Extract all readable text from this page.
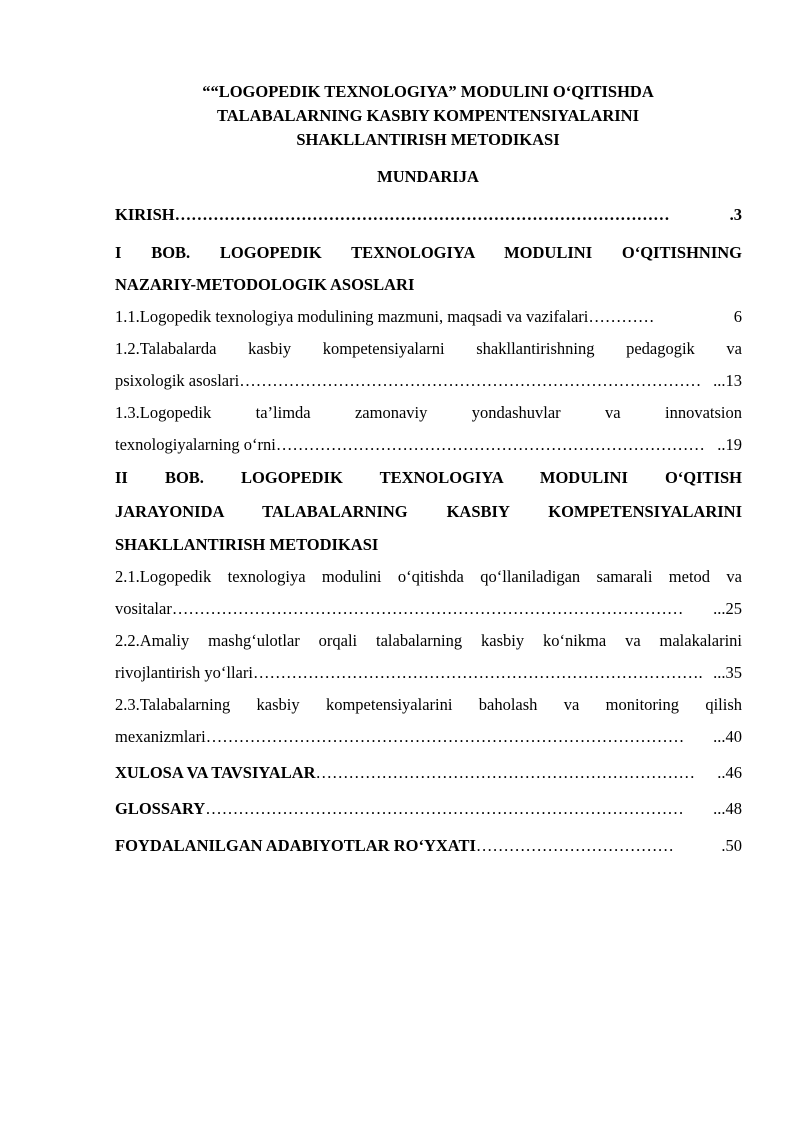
““LOGOPEDIK TEXNOLOGIYA” MODULINI O‘QITISHDA
TALABALARNING KASBIY KOMPENTENSIYALARINI
SHAKLLANTIRISH METODIKASI
MUNDARIJA
KIRISH ………………………………………………………………………………	.3
I BOB. LOGOPEDIK TEXNOLOGIYA MODULINI O‘QITISHNING
NAZARIY-METODOLOGIK ASOSLARI
1.1.Logopedik texnologiya modulining mazmuni, maqsadi va vazifalari …………	6
1.2.Talabalarda kasbiy kompetensiyalarni shakllantirishning pedagogik va
psixologik asoslari ………………………………………………………………………… ...13
1.3.Logopedik ta’limda zamonaviy yondashuvlar va innovatsion
texnologiyalarning o‘rni …………………………………………………………………… ..19
II BOB. LOGOPEDIK TEXNOLOGIYA MODULINI O‘QITISH
JARAYONIDA TALABALARNING KASBIY KOMPETENSIYALARINI
SHAKLLANTIRISH METODIKASI
2.1.Logopedik texnologiya modulini o‘qitishda qo‘llaniladigan samarali metod va
vositalar …………………………………………………………………………………	...25
2.2.Amaliy mashg‘ulotlar orqali talabalarning kasbiy ko‘nikma va malakalarini
rivojlantirish yo‘llari ………………………………………………………………………. ...35
2.3.Talabalarning kasbiy kompetensiyalarini baholash va monitoring qilish
mexanizmlari ……………………………………………………………………………	...40
XULOSA VA TAVSIYALAR ……………………………………………………………	..46
GLOSSARY ……………………………………………………………………………	...48
FOYDALANILGAN ADABIYOTLAR RO‘YXATI ………………………………	.50
